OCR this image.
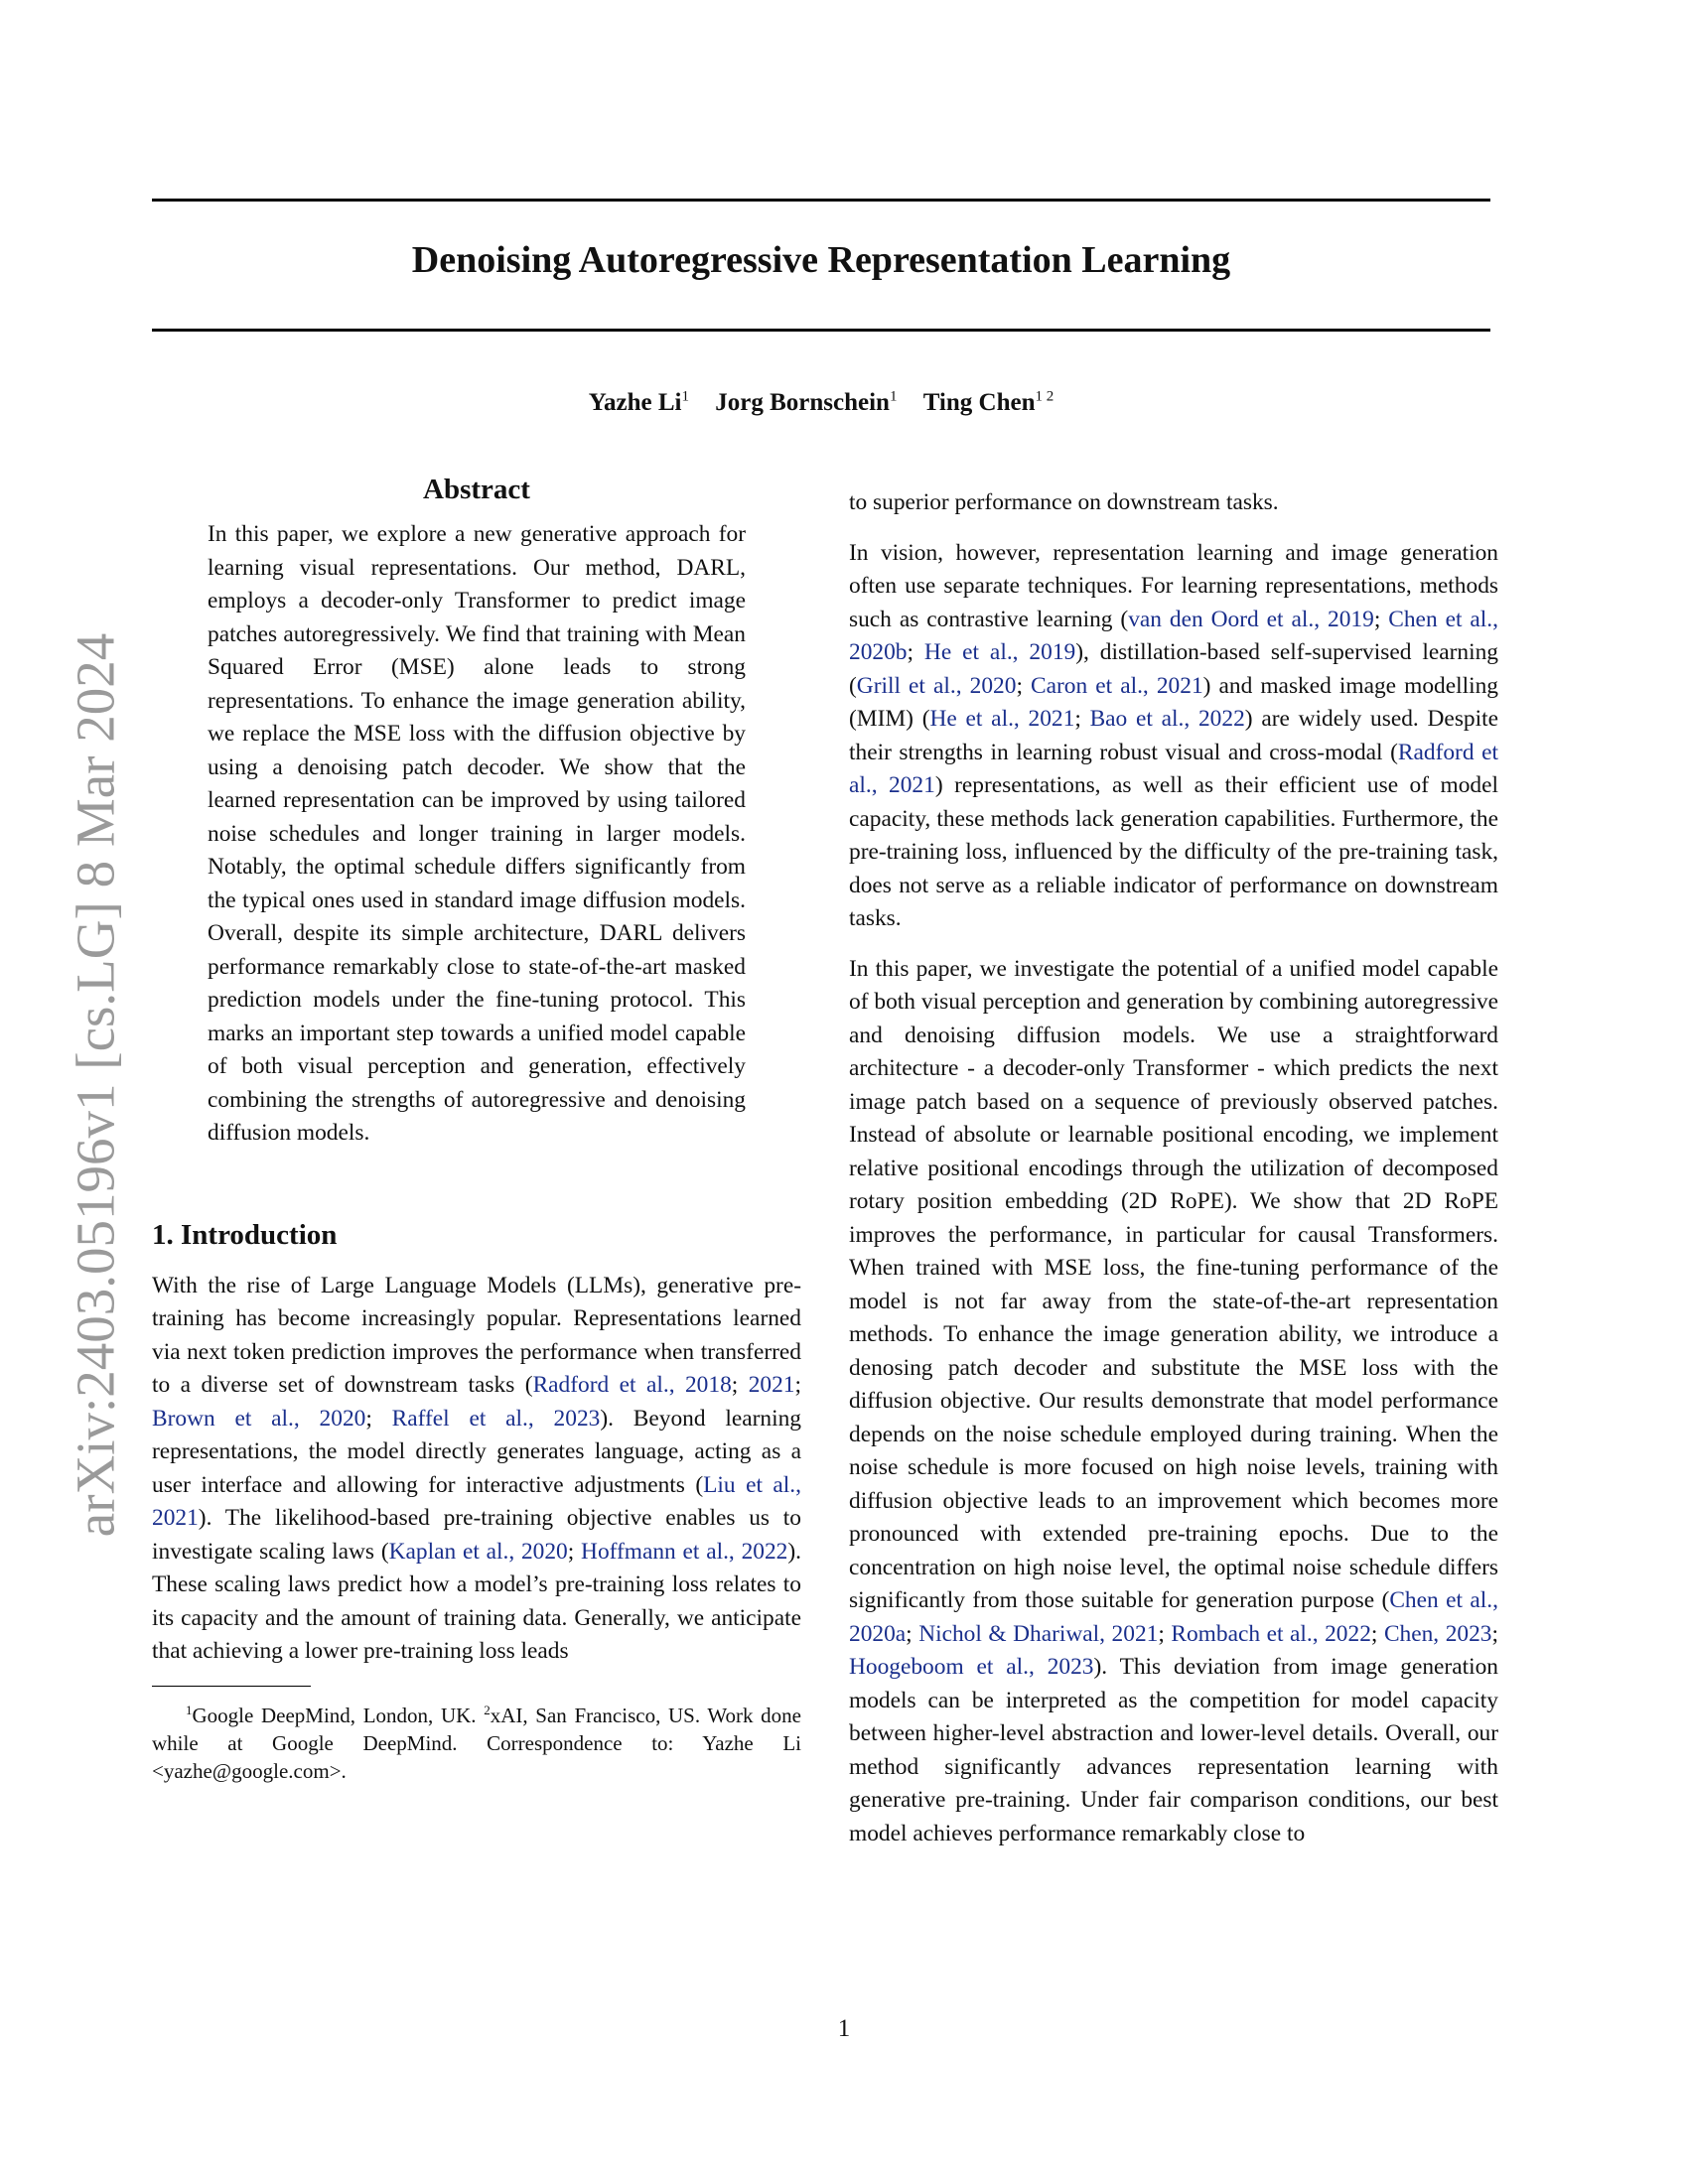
Denoising Autoregressive Representation Learning
Yazhe Li$^1$ Jorg Bornschein$^1$ Ting Chen$^{1 2}$
arXiv:2403.05196v1 [cs.LG] 8 Mar 2024
Abstract

In this paper, we explore a new generative approach for learning visual representations. Our method, DARL, employs a decoder-only Transformer to predict image patches autoregressively. We find that training with Mean Squared Error (MSE) alone leads to strong representations. To enhance the image generation ability, we replace the MSE loss with the diffusion objective by using a denoising patch decoder. We show that the learned representation can be improved by using tailored noise schedules and longer training in larger models. Notably, the optimal schedule differs significantly from the typical ones used in standard image diffusion models. Overall, despite its simple architecture, DARL delivers performance remarkably close to state-of-the-art masked prediction models under the fine-tuning protocol. This marks an important step towards a unified model capable of both visual perception and generation, effectively combining the strengths of autoregressive and denoising diffusion models.

1. Introduction

With the rise of Large Language Models (LLMs), generative pre-training has become increasingly popular. Representations learned via next token prediction improves the performance when transferred to a diverse set of downstream tasks (Radford et al., 2018; 2021; Brown et al., 2020; Raffel et al., 2023). Beyond learning representations, the model directly generates language, acting as a user interface and allowing for interactive adjustments (Liu et al., 2021). The likelihood-based pre-training objective enables us to investigate scaling laws (Kaplan et al., 2020; Hoffmann et al., 2022). These scaling laws predict how a model’s pre-training loss relates to its capacity and the amount of training data. Generally, we anticipate that achieving a lower pre-training loss leads

$^1$Google DeepMind, London, UK. $^2$xAI, San Francisco, US. Work done while at Google DeepMind. Correspondence to: Yazhe Li <yazhe@google.com>.

to superior performance on downstream tasks.

In vision, however, representation learning and image generation often use separate techniques. For learning representations, methods such as contrastive learning (van den Oord et al., 2019; Chen et al., 2020b; He et al., 2019), distillation-based self-supervised learning (Grill et al., 2020; Caron et al., 2021) and masked image modelling (MIM) (He et al., 2021; Bao et al., 2022) are widely used. Despite their strengths in learning robust visual and cross-modal (Radford et al., 2021) representations, as well as their efficient use of model capacity, these methods lack generation capabilities. Furthermore, the pre-training loss, influenced by the difficulty of the pre-training task, does not serve as a reliable indicator of performance on downstream tasks.

In this paper, we investigate the potential of a unified model capable of both visual perception and generation by combining autoregressive and denoising diffusion models. We use a straightforward architecture - a decoder-only Transformer - which predicts the next image patch based on a sequence of previously observed patches. Instead of absolute or learnable positional encoding, we implement relative positional encodings through the utilization of decomposed rotary position embedding (2D RoPE). We show that 2D RoPE improves the performance, in particular for causal Transformers. When trained with MSE loss, the fine-tuning performance of the model is not far away from the state-of-the-art representation methods. To enhance the image generation ability, we introduce a denosing patch decoder and substitute the MSE loss with the diffusion objective. Our results demonstrate that model performance depends on the noise schedule employed during training. When the noise schedule is more focused on high noise levels, training with diffusion objective leads to an improvement which becomes more pronounced with extended pre-training epochs. Due to the concentration on high noise level, the optimal noise schedule differs significantly from those suitable for generation purpose (Chen et al., 2020a; Nichol & Dhariwal, 2021; Rombach et al., 2022; Chen, 2023; Hoogeboom et al., 2023). This deviation from image generation models can be interpreted as the competition for model capacity between higher-level abstraction and lower-level details. Overall, our method significantly advances representation learning with generative pre-training. Under fair comparison conditions, our best model achieves performance remarkably close to

1
